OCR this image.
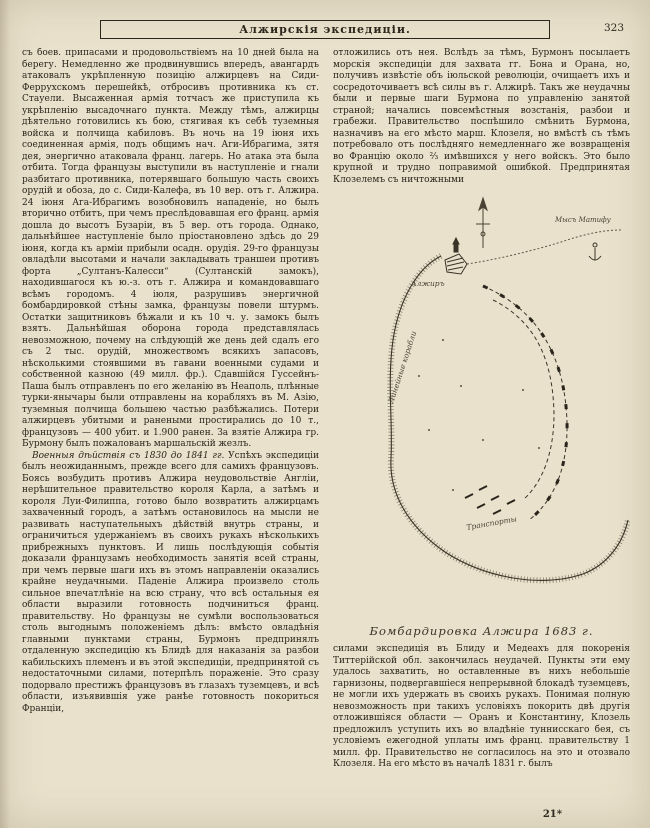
Алжирскія экспедиціи.	323

съ боев. припасами и продовольствіемъ на 10 дней была на берегу. Немедленно же продвинувшись впередъ, авангардъ атаковалъ укрѣпленную позицію алжирцевъ на Сиди-Феррухскомъ перешейкѣ, отбросивъ противника къ ст. Стауели. Высаженная армія тотчасъ же приступила къ укрѣпленію высадочнаго пункта. Между тѣмъ, алжирцы дѣятельно готовились къ бою, стягивая къ себѣ туземныя войска и полчища кабиловъ. Въ ночь на 19 іюня ихъ соединенная армія, подъ общимъ нач. Аги-Ибрагима, зятя дея, энергично атаковала франц. лагерь. Но атака эта была отбита. Тогда французы выступили въ наступленіе и гнали разбитаго противника, потерявшаго большую часть своихъ орудій и обоза, до с. Сиди-Калефа, въ 10 вер. отъ г. Алжира. 24 іюня Ага-Ибрагимъ возобновилъ нападеніе, но былъ вторично отбитъ, при чемъ преслѣдовавшая его франц. армія дошла до высотъ Бузаріи, въ 5 вер. отъ города. Однако, дальнѣйшее наступленіе было пріостановлено здѣсь до 29 іюня, когда къ арміи прибыли осадн. орудія. 29-го французы овладѣли высотами и начали закладывать траншеи противъ форта „Султанъ-Калесси“ (Султанскій замокъ), находившагося къ ю.-з. отъ г. Алжира и командовавшаго всѣмъ городомъ. 4 іюля, разрушивъ энергичной бомбардировкой стѣны замка, французы повели штурмъ. Остатки защитниковъ бѣжали и къ 10 ч. у. замокъ былъ взятъ. Дальнѣйшая оборона города представлялась невозможною, почему на слѣдующій же день дей сдалъ его съ 2 тыс. орудій, множествомъ всякихъ запасовъ, нѣсколькими стоявшими въ гавани военными судами и собственной казною (49 милл. фр.). Сдавшійся Гуссейнъ-Паша былъ отправленъ по его желанію въ Неаполь, плѣнные турки-янычары были отправлены на корабляхъ въ М. Азію, туземныя полчища большею частью разбѣжались. Потери алжирцевъ убитыми и ранеными простирались до 10 т., французовъ — 400 убит. и 1.900 ранен. За взятіе Алжира гр. Бурмону былъ пожалованъ маршальскій жезлъ.

Военныя дѣйствія съ 1830 до 1841 гг. Успѣхъ экспедиціи былъ неожиданнымъ, прежде всего для самихъ французовъ. Боясь возбудить противъ Алжира неудовольствіе Англіи, нерѣшительное правительство короля Карла, а затѣмъ и короля Луи-Филиппа, готово было возвратить алжирцамъ захваченный городъ, а затѣмъ остановилось на мысли не развивать наступательныхъ дѣйствій внутрь страны, и ограничиться удержаніемъ въ своихъ рукахъ нѣсколькихъ прибрежныхъ пунктовъ. И лишь послѣдующія событія доказали французамъ необходимость занятія всей страны, при чемъ первые шаги ихъ въ этомъ направленіи оказались крайне неудачными. Паденіе Алжира произвело столь сильное впечатлѣніе на всю страну, что всѣ остальныя ея области выразили готовность подчиниться франц. правительству. Но французы не сумѣли воспользоваться столь выгоднымъ положеніемъ дѣлъ: вмѣсто овладѣнія главными пунктами страны, Бурмонъ предпринялъ отдаленную экспедицію къ Блидѣ для наказанія за разбои кабильскихъ племенъ и въ этой экспедиціи, предпринятой съ недостаточными силами, потерпѣлъ пораженіе. Это сразу подорвало престижъ французовъ въ глазахъ туземцевъ, и всѣ области, изъявившія уже ранѣе готовность покориться Франціи,

отложились отъ нея. Вслѣдъ за тѣмъ, Бурмонъ посылаетъ морскія экспедиціи для захвата гг. Бона и Орана, но, получивъ извѣстіе объ іюльской революціи, очищаетъ ихъ и сосредоточиваетъ всѣ силы въ г. Алжирѣ. Такъ же неудачны были и первые шаги Бурмона по управленію занятой страной; начались повсемѣстныя возстанія, разбои и грабежи. Правительство поспѣшило смѣнить Бурмона, назначивъ на его мѣсто марш. Клозеля, но вмѣстѣ съ тѣмъ потребовало отъ послѣдняго немедленнаго же возвращенія во Францію около ⅔ имѣвшихся у него войскъ. Это было крупной и трудно поправимой ошибкой. Предпринятая Клозелемъ съ ничтожными

Алжиръ
Мысъ Матифу
Линейные корабли
Транспорты
Бомбардировка Алжира 1683 г.

силами экспедиція въ Блиду и Медеахъ для покоренія Титтерійской обл. закончилась неудачей. Пункты эти ему удалось захватить, но оставленные въ нихъ небольшіе гарнизоны, подвергавшіеся непрерывной блокадѣ туземцевъ, не могли ихъ удержать въ своихъ рукахъ. Понимая полную невозможность при такихъ условіяхъ покорить двѣ другія отложившіяся области — Оранъ и Константину, Клозель предложилъ уступить ихъ во владѣніе туннисскаго бея, съ условіемъ ежегодной уплаты имъ франц. правительству 1 милл. фр. Правительство не согласилось на это и отозвало Клозеля. На его мѣсто въ началѣ 1831 г. былъ

21*
